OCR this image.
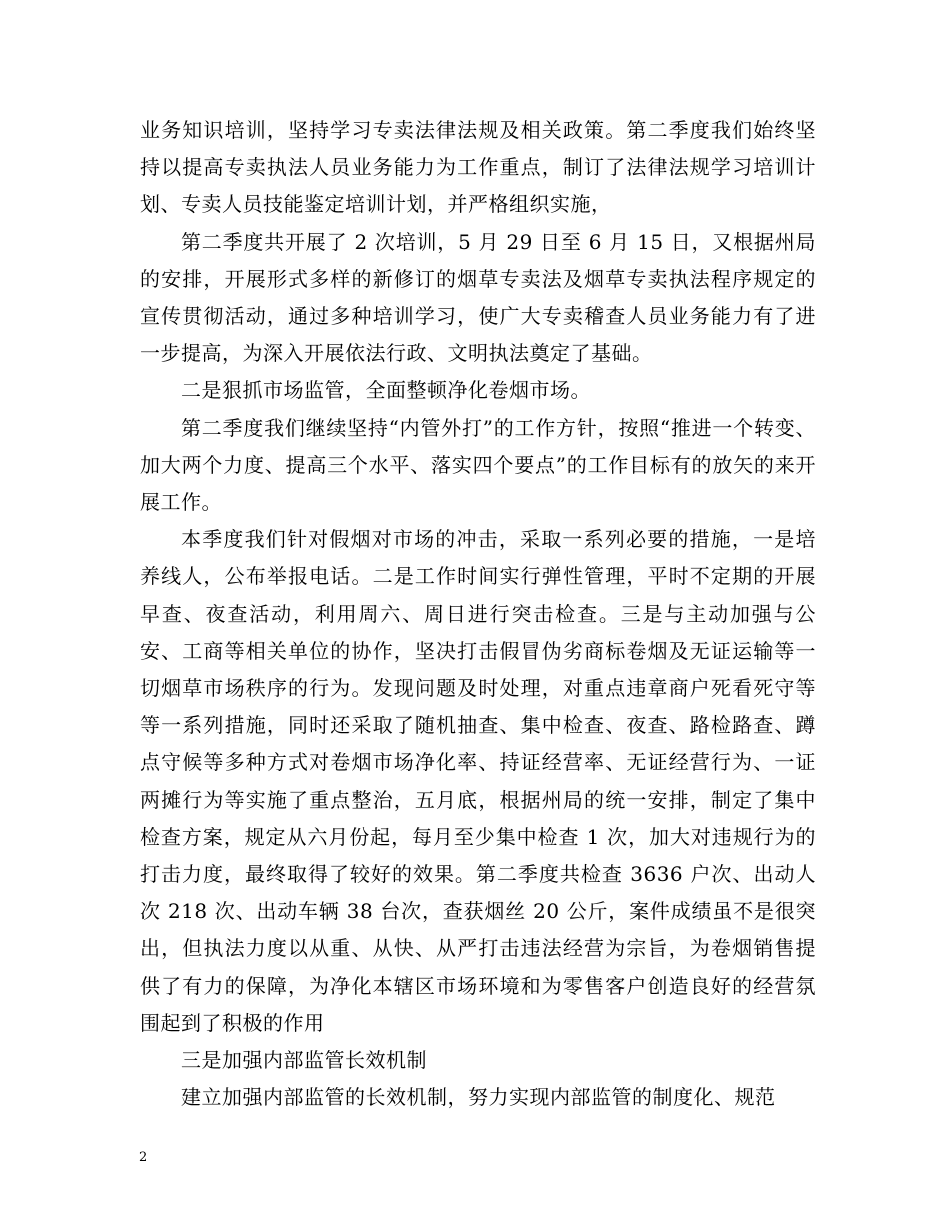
业务知识培训，坚持学习专卖法律法规及相关政策。第二季度我们始终坚持以提高专卖执法人员业务能力为工作重点，制订了法律法规学习培训计划、专卖人员技能鉴定培训计划，并严格组织实施，

第二季度共开展了 2 次培训，5 月 29 日至 6 月 15 日，又根据州局的安排，开展形式多样的新修订的烟草专卖法及烟草专卖执法程序规定的宣传贯彻活动，通过多种培训学习，使广大专卖稽查人员业务能力有了进一步提高，为深入开展依法行政、文明执法奠定了基础。

二是狠抓市场监管，全面整顿净化卷烟市场。

第二季度我们继续坚持“内管外打”的工作方针，按照“推进一个转变、加大两个力度、提高三个水平、落实四个要点”的工作目标有的放矢的来开展工作。

本季度我们针对假烟对市场的冲击，采取一系列必要的措施，一是培养线人，公布举报电话。二是工作时间实行弹性管理，平时不定期的开展早查、夜查活动，利用周六、周日进行突击检查。三是与主动加强与公安、工商等相关单位的协作，坚决打击假冒伪劣商标卷烟及无证运输等一切烟草市场秩序的行为。发现问题及时处理，对重点违章商户死看死守等等一系列措施，同时还采取了随机抽查、集中检查、夜查、路检路查、蹲点守候等多种方式对卷烟市场净化率、持证经营率、无证经营行为、一证两摊行为等实施了重点整治，五月底，根据州局的统一安排，制定了集中检查方案，规定从六月份起，每月至少集中检查 1 次，加大对违规行为的打击力度，最终取得了较好的效果。第二季度共检查 3636 户次、出动人次 218 次、出动车辆 38 台次，查获烟丝 20 公斤，案件成绩虽不是很突出，但执法力度以从重、从快、从严打击违法经营为宗旨，为卷烟销售提供了有力的保障，为净化本辖区市场环境和为零售客户创造良好的经营氛围起到了积极的作用

三是加强内部监管长效机制

建立加强内部监管的长效机制，努力实现内部监管的制度化、规范

2
